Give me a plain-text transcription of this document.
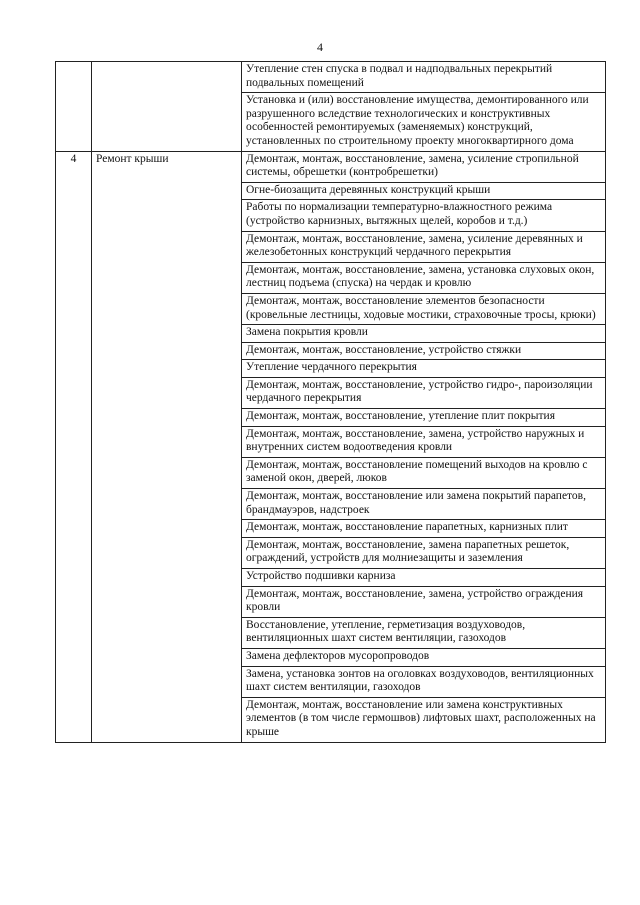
4
		Утепление стен спуска в подвал и надподвальных перекрытий подвальных помещений
		Установка и (или) восстановление имущества, демонтированного или разрушенного вследствие технологических и конструктивных особенностей ремонтируемых (заменяемых) конструкций, установленных по строительному проекту многоквартирного дома
4	Ремонт крыши	Демонтаж, монтаж, восстановление, замена, усиление стропильной системы, обрешетки (контробрешетки)
		Огне-биозащита деревянных конструкций крыши
		Работы по нормализации температурно-влажностного режима (устройство карнизных, вытяжных щелей, коробов и т.д.)
		Демонтаж, монтаж, восстановление, замена, усиление деревянных и железобетонных конструкций чердачного перекрытия
		Демонтаж, монтаж, восстановление, замена, установка слуховых окон, лестниц подъема (спуска) на чердак и кровлю
		Демонтаж, монтаж, восстановление элементов безопасности (кровельные лестницы, ходовые мостики, страховочные тросы, крюки)
		Замена покрытия кровли
		Демонтаж, монтаж, восстановление, устройство стяжки
		Утепление чердачного перекрытия
		Демонтаж, монтаж, восстановление, устройство гидро-, пароизоляции чердачного перекрытия
		Демонтаж, монтаж, восстановление, утепление плит покрытия
		Демонтаж, монтаж, восстановление, замена, устройство наружных и внутренних систем водоотведения кровли
		Демонтаж, монтаж, восстановление помещений выходов на кровлю с заменой окон, дверей, люков
		Демонтаж, монтаж, восстановление или замена покрытий парапетов, брандмауэров, надстроек
		Демонтаж, монтаж, восстановление парапетных, карнизных плит
		Демонтаж, монтаж, восстановление, замена парапетных решеток, ограждений, устройств для молниезащиты и заземления
		Устройство подшивки карниза
		Демонтаж, монтаж, восстановление, замена, устройство ограждения кровли
		Восстановление, утепление, герметизация воздуховодов, вентиляционных шахт систем вентиляции, газоходов
		Замена дефлекторов мусоропроводов
		Замена, установка зонтов на оголовках воздуховодов, вентиляционных шахт систем вентиляции, газоходов
		Демонтаж, монтаж, восстановление или замена конструктивных элементов (в том числе гермошвов) лифтовых шахт, расположенных на крыше
